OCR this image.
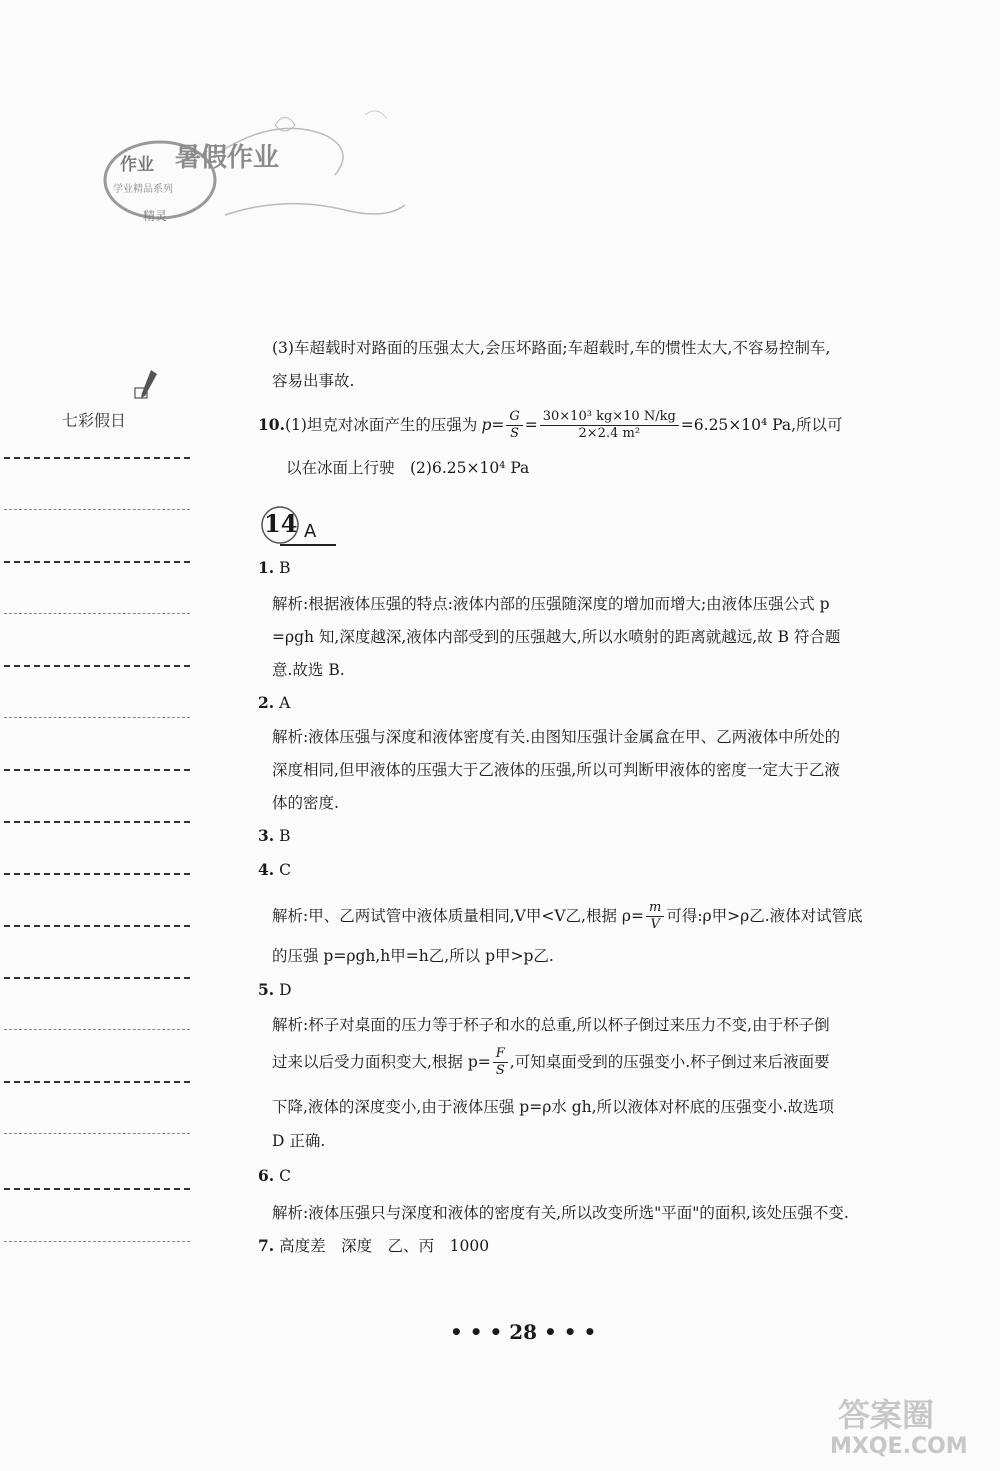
作业 暑假作业
学业精品系列
精灵
七彩假日
(3)车超载时对路面的压强太大,会压坏路面;车超载时,车的惯性太大,不容易控制车,
容易出事故.
10. (1)坦克对冰面产生的压强为 $p= \frac{G}{S} = \frac{\text{30×10³ kg×10 N/kg}}{\text{2×2.4 m²}} =6.25\times 10^4$ Pa,所以可
以在冰面上行驶　(2)6.25×10⁴ Pa
14 A
1. B
解析:根据液体压强的特点:液体内部的压强随深度的增加而增大;由液体压强公式 p
=ρgh 知,深度越深,液体内部受到的压强越大,所以水喷射的距离就越远,故 B 符合题
意.故选 B.
2. A
解析:液体压强与深度和液体密度有关.由图知压强计金属盒在甲、乙两液体中所处的
深度相同,但甲液体的压强大于乙液体的压强,所以可判断甲液体的密度一定大于乙液
体的密度.
3. B
4. C
解析:甲、乙两试管中液体质量相同,V甲<V乙,根据 $\rho= \frac{m}{V}$ 可得:ρ甲>ρ乙.液体对试管底
的压强 p=ρgh,h甲=h乙,所以 p甲>p乙.
5. D
解析:杯子对桌面的压力等于杯子和水的总重,所以杯子倒过来压力不变,由于杯子倒
过来以后受力面积变大,根据 $p= \frac{F}{S}$ ,可知桌面受到的压强变小.杯子倒过来后液面要
下降,液体的深度变小,由于液体压强 p=ρ水 gh,所以液体对杯底的压强变小.故选项
D 正确.
6. C
解析:液体压强只与深度和液体的密度有关,所以改变所选"平面"的面积,该处压强不变.
7. 高度差　深度　乙、丙　1000
• • • 28 • • •
答案圈
MXQE.COM
